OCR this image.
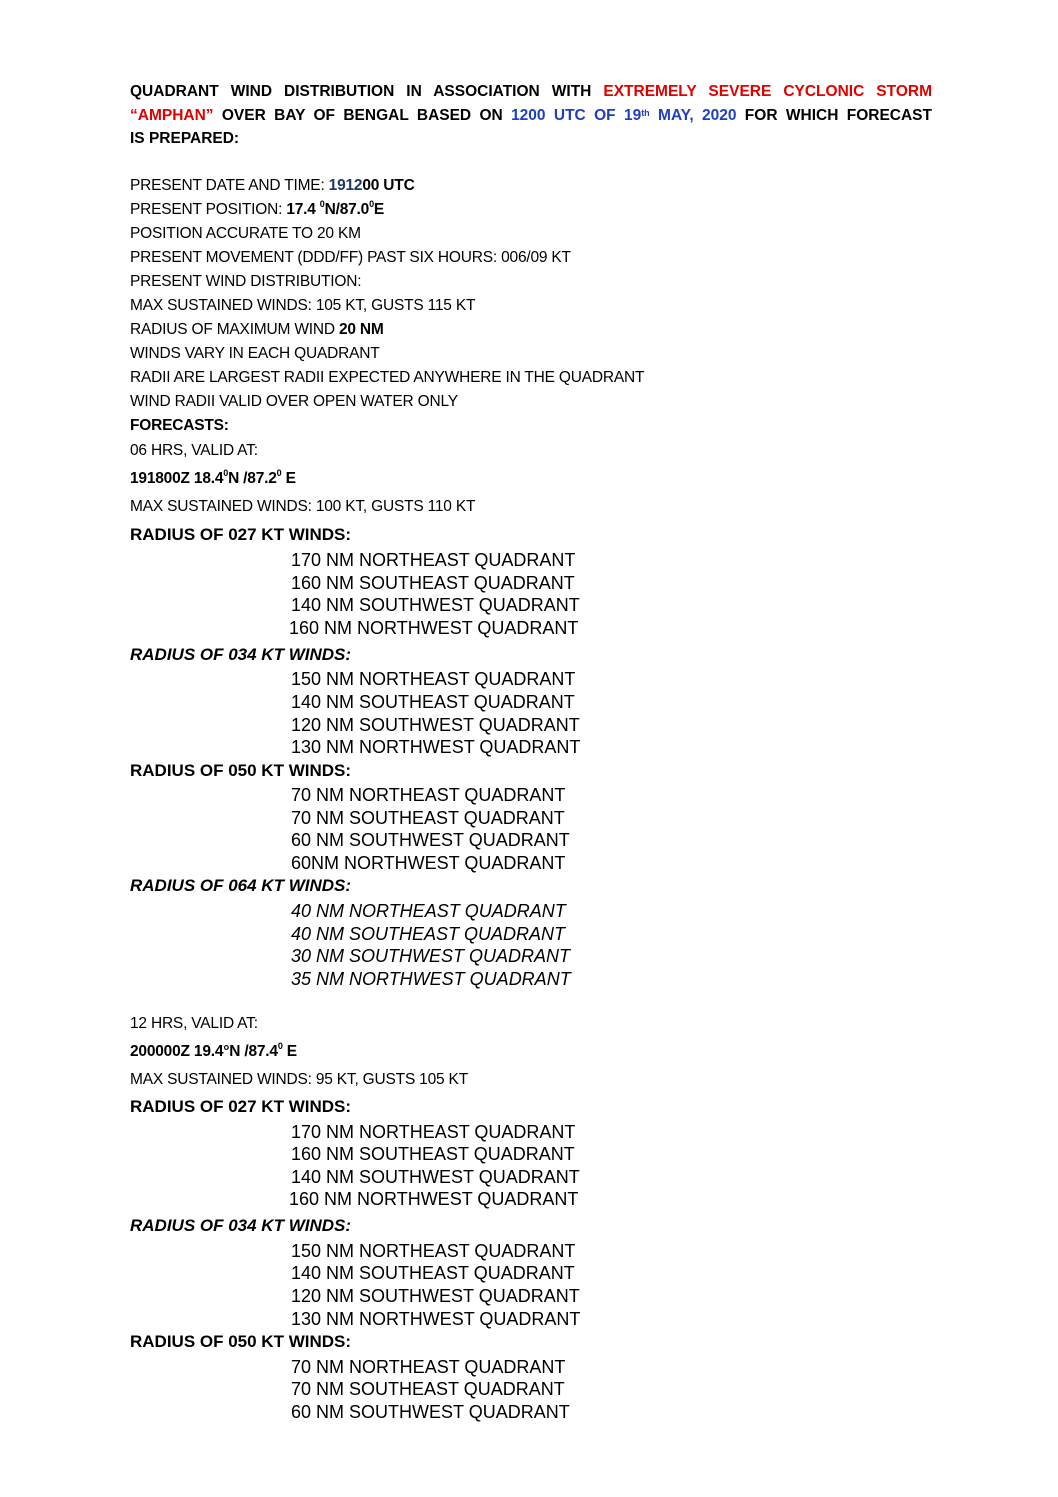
QUADRANT WIND DISTRIBUTION IN ASSOCIATION WITH EXTREMELY SEVERE CYCLONIC STORM
“AMPHAN” OVER BAY OF BENGAL BASED ON 1200 UTC OF 19th MAY, 2020 FOR WHICH FORECAST
IS PREPARED:
PRESENT DATE AND TIME: 191200 UTC
PRESENT POSITION: 17.4 $^0$N/87.0$^0$E
POSITION ACCURATE TO 20 KM
PRESENT MOVEMENT (DDD/FF) PAST SIX HOURS: 006/09 KT
PRESENT WIND DISTRIBUTION:
MAX SUSTAINED WINDS: 105 KT, GUSTS 115 KT
RADIUS OF MAXIMUM WIND 20 NM
WINDS VARY IN EACH QUADRANT
RADII ARE LARGEST RADII EXPECTED ANYWHERE IN THE QUADRANT
WIND RADII VALID OVER OPEN WATER ONLY
FORECASTS:
06 HRS, VALID AT:
191800Z 18.4$^0$N /87.2$^0$ E
MAX SUSTAINED WINDS: 100 KT, GUSTS 110 KT
RADIUS OF 027 KT WINDS:
170 NM NORTHEAST QUADRANT
160 NM SOUTHEAST QUADRANT
140 NM SOUTHWEST QUADRANT
160 NM NORTHWEST QUADRANT
RADIUS OF 034 KT WINDS:
150 NM NORTHEAST QUADRANT
140 NM SOUTHEAST QUADRANT
120 NM SOUTHWEST QUADRANT
130 NM NORTHWEST QUADRANT
RADIUS OF 050 KT WINDS:
70 NM NORTHEAST QUADRANT
70 NM SOUTHEAST QUADRANT
60 NM SOUTHWEST QUADRANT
60NM NORTHWEST QUADRANT
RADIUS OF 064 KT WINDS:
40 NM NORTHEAST QUADRANT
40 NM SOUTHEAST QUADRANT
30 NM SOUTHWEST QUADRANT
35 NM NORTHWEST QUADRANT
12 HRS, VALID AT:
200000Z 19.4°N /87.4$^0$ E
MAX SUSTAINED WINDS: 95 KT, GUSTS 105 KT
RADIUS OF 027 KT WINDS:
170 NM NORTHEAST QUADRANT
160 NM SOUTHEAST QUADRANT
140 NM SOUTHWEST QUADRANT
160 NM NORTHWEST QUADRANT
RADIUS OF 034 KT WINDS:
150 NM NORTHEAST QUADRANT
140 NM SOUTHEAST QUADRANT
120 NM SOUTHWEST QUADRANT
130 NM NORTHWEST QUADRANT
RADIUS OF 050 KT WINDS:
70 NM NORTHEAST QUADRANT
70 NM SOUTHEAST QUADRANT
60 NM SOUTHWEST QUADRANT
